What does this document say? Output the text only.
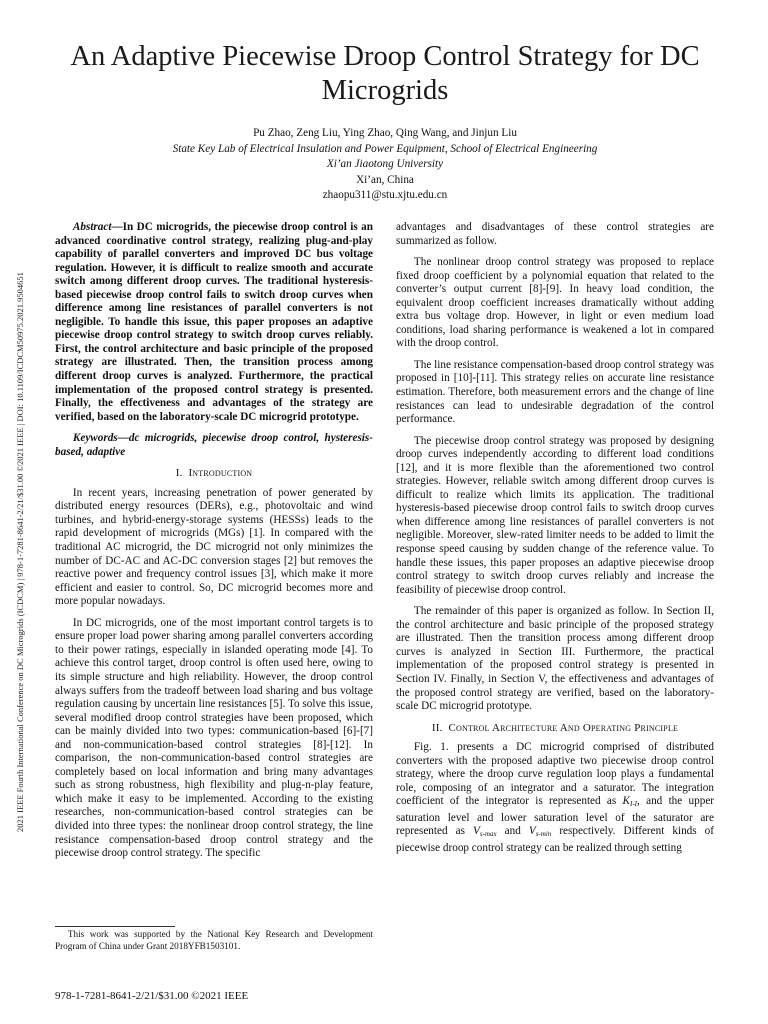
An Adaptive Piecewise Droop Control Strategy for DC Microgrids
Pu Zhao, Zeng Liu, Ying Zhao, Qing Wang, and Jinjun Liu
State Key Lab of Electrical Insulation and Power Equipment, School of Electrical Engineering
Xi’an Jiaotong University
Xi’an, China
zhaopu311@stu.xjtu.edu.cn
2021 IEEE Fourth International Conference on DC Microgrids (ICDCM) | 978-1-7281-8641-2/21/$31.00 ©2021 IEEE | DOI: 10.1109/ICDCM50975.2021.9504651

Abstract—In DC microgrids, the piecewise droop control is an advanced coordinative control strategy, realizing plug-and-play capability of parallel converters and improved DC bus voltage regulation. However, it is difficult to realize smooth and accurate switch among different droop curves. The traditional hysteresis-based piecewise droop control fails to switch droop curves when difference among line resistances of parallel converters is not negligible. To handle this issue, this paper proposes an adaptive piecewise droop control strategy to switch droop curves reliably. First, the control architecture and basic principle of the proposed strategy are illustrated. Then, the transition process among different droop curves is analyzed. Furthermore, the practical implementation of the proposed control strategy is presented. Finally, the effectiveness and advantages of the strategy are verified, based on the laboratory-scale DC microgrid prototype.

Keywords—dc microgrids, piecewise droop control, hysteresis-based, adaptive

I. Introduction

In recent years, increasing penetration of power generated by distributed energy resources (DERs), e.g., photovoltaic and wind turbines, and hybrid-energy-storage systems (HESSs) leads to the rapid development of microgrids (MGs) [1]. In compared with the traditional AC microgrid, the DC microgrid not only minimizes the number of DC-AC and AC-DC conversion stages [2] but removes the reactive power and frequency control issues [3], which make it more efficient and easier to control. So, DC microgrid becomes more and more popular nowadays.

In DC microgrids, one of the most important control targets is to ensure proper load power sharing among parallel converters according to their power ratings, especially in islanded operating mode [4]. To achieve this control target, droop control is often used here, owing to its simple structure and high reliability. However, the droop control always suffers from the tradeoff between load sharing and bus voltage regulation causing by uncertain line resistances [5]. To solve this issue, several modified droop control strategies have been proposed, which can be mainly divided into two types: communication-based [6]-[7] and non-communication-based control strategies [8]-[12]. In comparison, the non-communication-based control strategies are completely based on local information and bring many advantages such as strong robustness, high flexibility and plug-n-play feature, which make it easy to be implemented. According to the existing researches, non-communication-based control strategies can be divided into three types: the nonlinear droop control strategy, the line resistance compensation-based droop control strategy and the piecewise droop control strategy. The specific

advantages and disadvantages of these control strategies are summarized as follow.

The nonlinear droop control strategy was proposed to replace fixed droop coefficient by a polynomial equation that related to the converter’s output current [8]-[9]. In heavy load condition, the equivalent droop coefficient increases dramatically without adding extra bus voltage drop. However, in light or even medium load conditions, load sharing performance is weakened a lot in compared with the droop control.

The line resistance compensation-based droop control strategy was proposed in [10]-[11]. This strategy relies on accurate line resistance estimation. Therefore, both measurement errors and the change of line resistances can lead to undesirable degradation of the control performance.

The piecewise droop control strategy was proposed by designing droop curves independently according to different load conditions [12], and it is more flexible than the aforementioned two control strategies. However, reliable switch among different droop curves is difficult to realize which limits its application. The traditional hysteresis-based piecewise droop control fails to switch droop curves when difference among line resistances of parallel converters is not negligible. Moreover, slew-rated limiter needs to be added to limit the response speed causing by sudden change of the reference value. To handle these issues, this paper proposes an adaptive piecewise droop control strategy to switch droop curves reliably and increase the feasibility of piecewise droop control.

The remainder of this paper is organized as follow. In Section II, the control architecture and basic principle of the proposed strategy are illustrated. Then the transition process among different droop curves is analyzed in Section III. Furthermore, the practical implementation of the proposed control strategy is presented in Section IV. Finally, in Section V, the effectiveness and advantages of the proposed control strategy are verified, based on the laboratory-scale DC microgrid prototype.

II. Control Architecture And Operating Principle

Fig. 1. presents a DC microgrid comprised of distributed converters with the proposed adaptive two piecewise droop control strategy, where the droop curve regulation loop plays a fundamental role, composing of an integrator and a saturator. The integration coefficient of the integrator is represented as $K_{I-I}$, and the upper saturation level and lower saturation level of the saturator are represented as $V_{s-max}$ and $V_{s-min}$ respectively. Different kinds of piecewise droop control strategy can be realized through setting

This work was supported by the National Key Research and Development Program of China under Grant 2018YFB1503101.
978-1-7281-8641-2/21/$31.00 ©2021 IEEE
